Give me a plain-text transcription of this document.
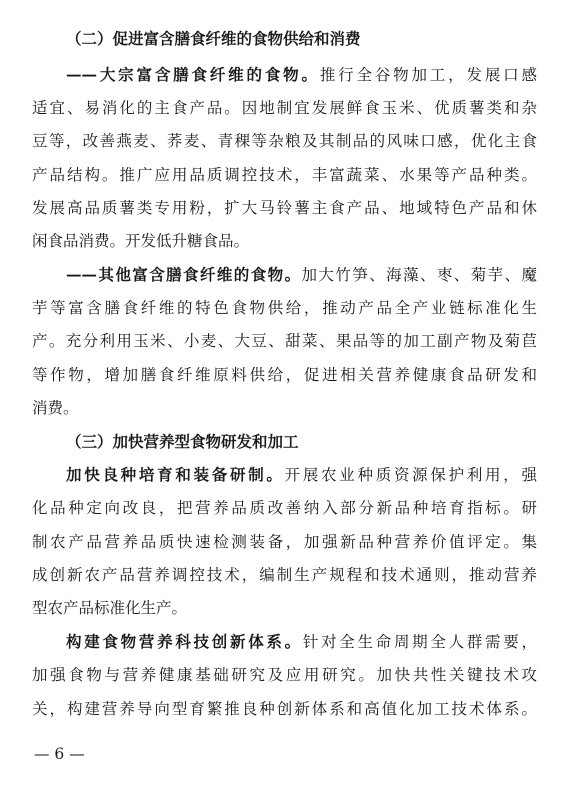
（二）促进富含膳食纤维的食物供给和消费
——大宗富含膳食纤维的食物。推行全谷物加工，发展口感
适宜、易消化的主食产品。因地制宜发展鲜食玉米、优质薯类和杂
豆等，改善燕麦、荞麦、青稞等杂粮及其制品的风味口感，优化主食
产品结构。推广应用品质调控技术，丰富蔬菜、水果等产品种类。
发展高品质薯类专用粉，扩大马铃薯主食产品、地域特色产品和休
闲食品消费。开发低升糖食品。
——其他富含膳食纤维的食物。加大竹笋、海藻、枣、菊芋、魔
芋等富含膳食纤维的特色食物供给，推动产品全产业链标准化生
产。充分利用玉米、小麦、大豆、甜菜、果品等的加工副产物及菊苣
等作物，增加膳食纤维原料供给，促进相关营养健康食品研发和
消费。
（三）加快营养型食物研发和加工
加快良种培育和装备研制。开展农业种质资源保护利用，强
化品种定向改良，把营养品质改善纳入部分新品种培育指标。研
制农产品营养品质快速检测装备，加强新品种营养价值评定。集
成创新农产品营养调控技术，编制生产规程和技术通则，推动营养
型农产品标准化生产。
构建食物营养科技创新体系。针对全生命周期全人群需要，
加强食物与营养健康基础研究及应用研究。加快共性关键技术攻
关，构建营养导向型育繁推良种创新体系和高值化加工技术体系。
— 6 —
